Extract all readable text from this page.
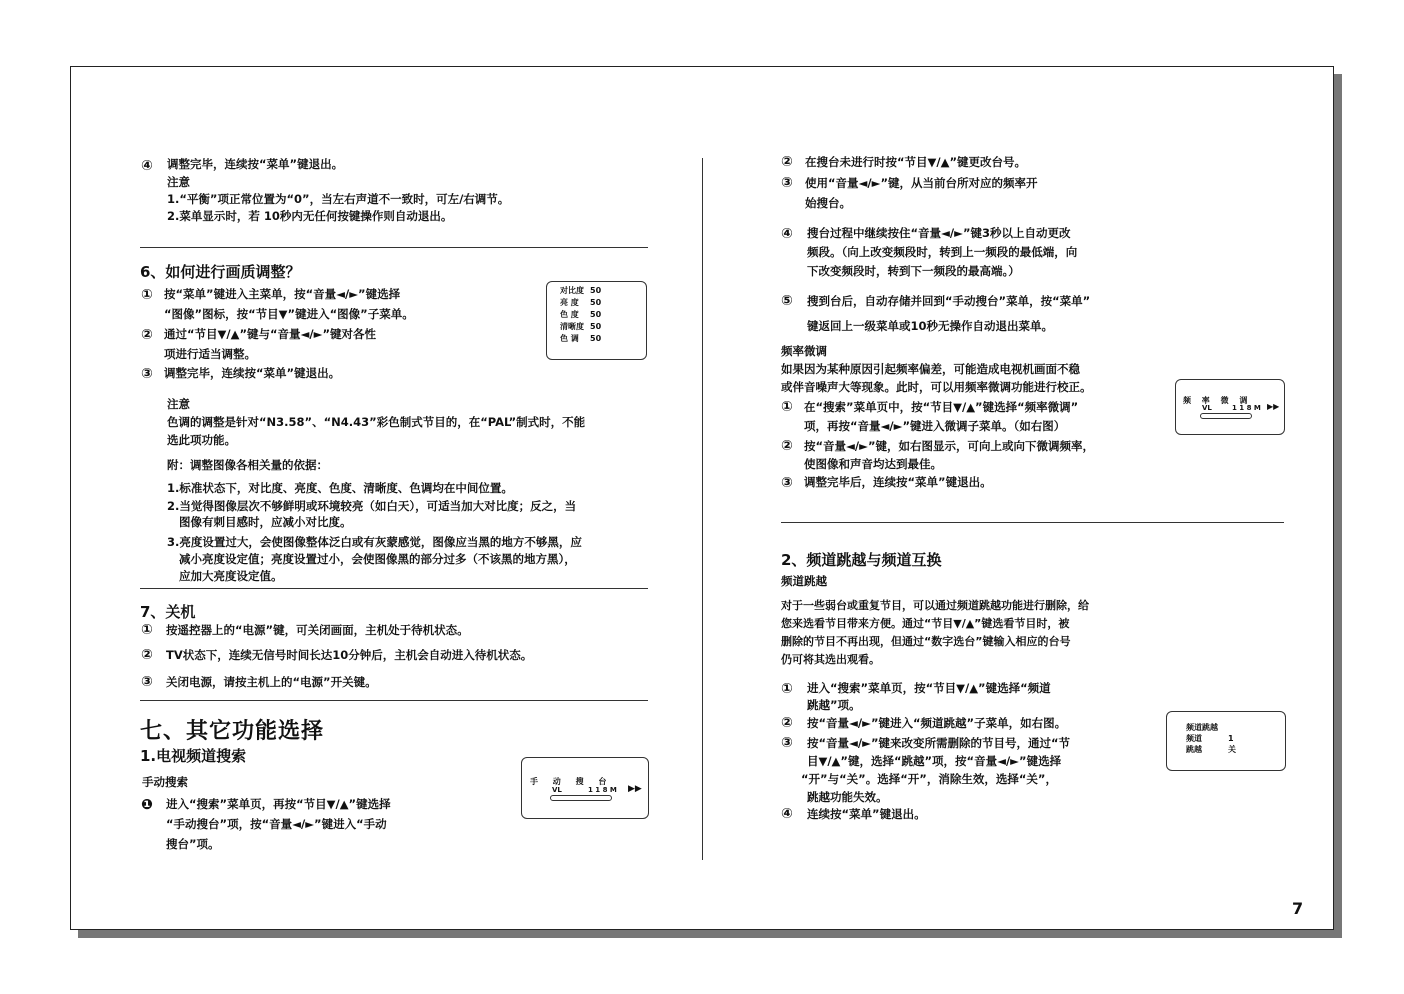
④ 调整完毕，连续按“菜单”键退出。
注意
1.“平衡”项正常位置为“0”，当左右声道不一致时，可左/右调节。
2.菜单显示时，若 10秒内无任何按键操作则自动退出。
6、如何进行画质调整？
① 按“菜单”键进入主菜单，按“音量◄/►”键选择
“图像”图标，按“节目▼”键进入“图像”子菜单。
② 通过“节目▼/▲”键与“音量◄/►”键对各性
项进行适当调整。
③ 调整完毕，连续按“菜单”键退出。
对比度	50
亮 度	50
色 度	50
清晰度	50
色 调	50
注意
色调的调整是针对“N3.58”、“N4.43”彩色制式节目的，在“PAL”制式时，不能
选此项功能。
附：调整图像各相关量的依据：
1.标准状态下，对比度、亮度、色度、清晰度、色调均在中间位置。
2.当觉得图像层次不够鲜明或环境较亮（如白天），可适当加大对比度；反之，当
图像有刺目感时，应减小对比度。
3.亮度设置过大，会使图像整体泛白或有灰蒙感觉，图像应当黑的地方不够黑，应
减小亮度设定值；亮度设置过小，会使图像黑的部分过多（不该黑的地方黑），
应加大亮度设定值。
7、关机
① 按遥控器上的“电源”键，可关闭画面，主机处于待机状态。
② TV状态下，连续无信号时间长达10分钟后，主机会自动进入待机状态。
③ 关闭电源，请按主机上的“电源”开关键。
七、其它功能选择
1.电视频道搜索
手动搜索
❶ 进入“搜索”菜单页，再按“节目▼/▲”键选择
“手动搜台”项，按“音量◄/►”键进入“手动
搜台”项。
手 动 搜 台
VL	1 1 8 M ▶▶
② 在搜台未进行时按“节目▼/▲”键更改台号。
③ 使用“音量◄/►”键，从当前台所对应的频率开
始搜台。
④ 搜台过程中继续按住“音量◄/►”键3秒以上自动更改
频段。（向上改变频段时，转到上一频段的最低端，向
下改变频段时，转到下一频段的最高端。）
⑤ 搜到台后，自动存储并回到“手动搜台”菜单，按“菜单”
键返回上一级菜单或10秒无操作自动退出菜单。
频率微调
如果因为某种原因引起频率偏差，可能造成电视机画面不稳
或伴音噪声大等现象。此时，可以用频率微调功能进行校正。
① 在“搜索”菜单页中，按“节目▼/▲”键选择“频率微调”
项，再按“音量◄/►”键进入微调子菜单。（如右图）
② 按“音量◄/►”键，如右图显示，可向上或向下微调频率，
使图像和声音均达到最佳。
③ 调整完毕后，连续按“菜单”键退出。
频 率 微 调
VL	1 1 8 M ▶▶
2、频道跳越与频道互换
频道跳越
对于一些弱台或重复节目，可以通过频道跳越功能进行删除，给
您来选看节目带来方便。通过“节目▼/▲”键选看节目时，被
删除的节目不再出现，但通过“数字选台”键输入相应的台号
仍可将其选出观看。
① 进入“搜索”菜单页，按“节目▼/▲”键选择“频道
跳越”项。
② 按“音量◄/►”键进入“频道跳越”子菜单，如右图。
③ 按“音量◄/►”键来改变所需删除的节目号，通过“节
目▼/▲”键，选择“跳越”项，按“音量◄/►”键选择
“开”与“关”。选择“开”，消除生效，选择“关”，
跳越功能失效。
④ 连续按“菜单”键退出。
频道跳越
频道	1
跳越	关
7
